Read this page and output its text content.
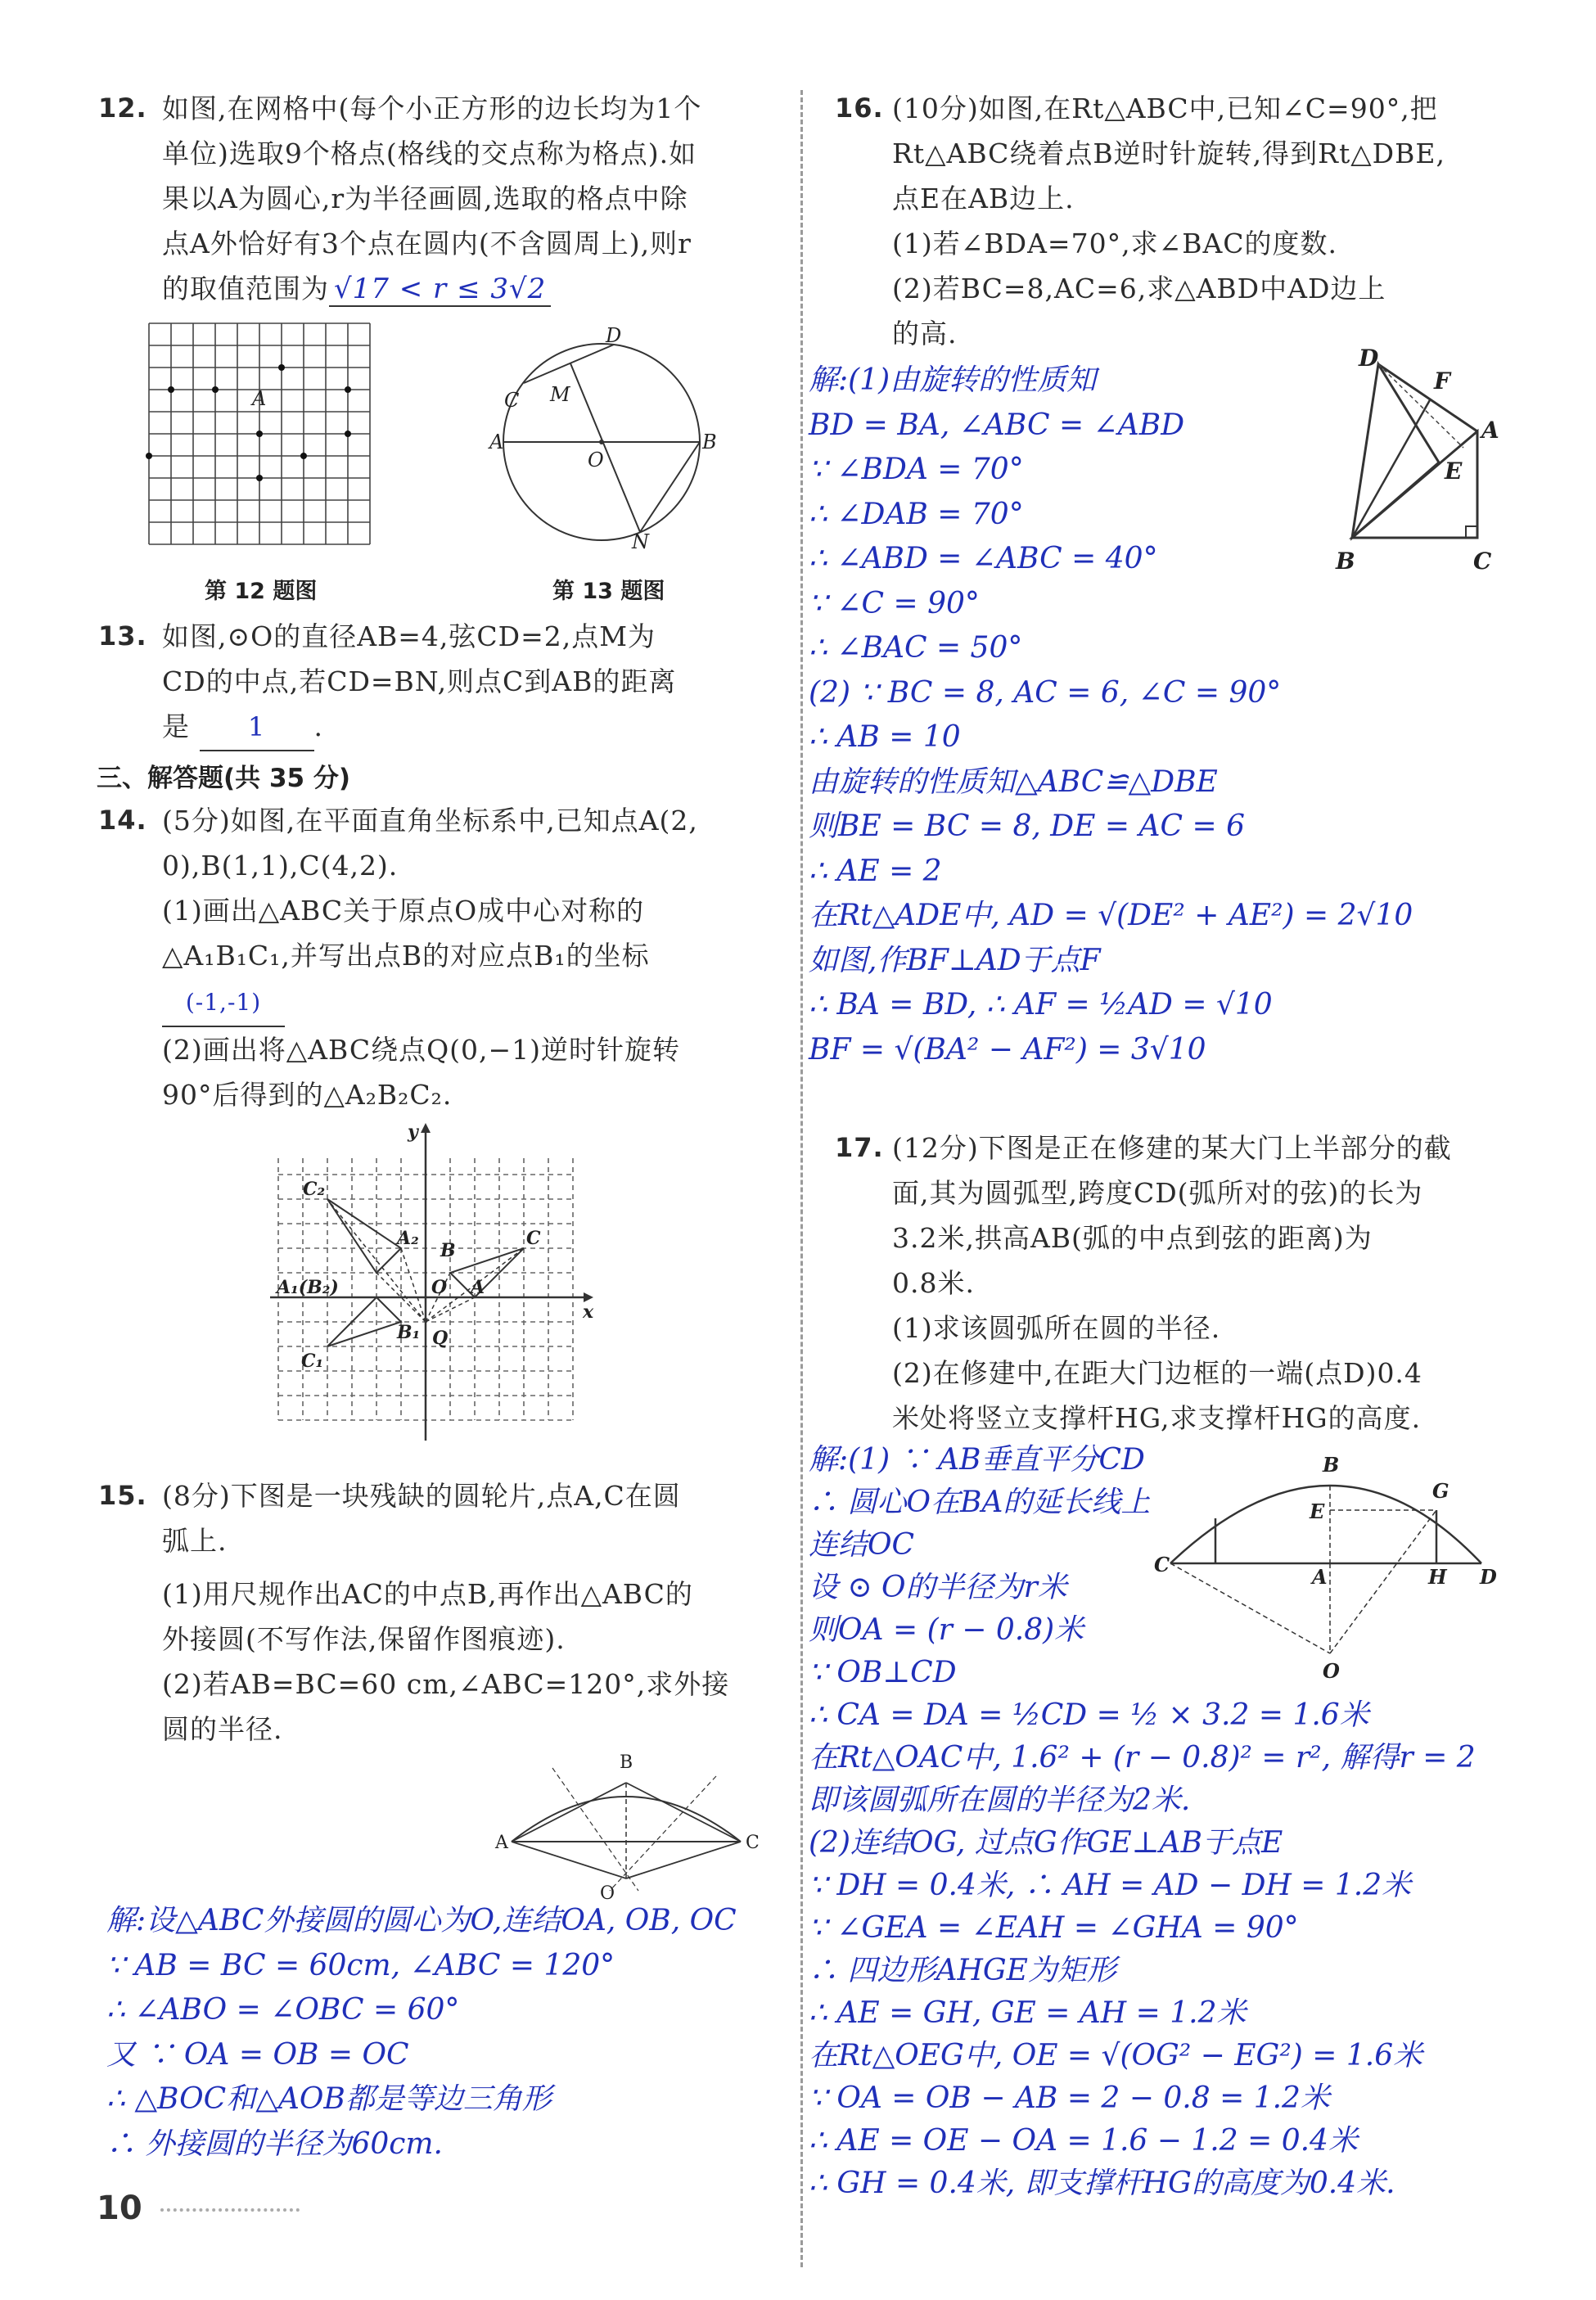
12. 如图,在网格中(每个小正方形的边长均为1个
单位)选取9个格点(格线的交点称为格点).如
果以A为圆心,r为半径画圆,选取的格点中除
点A外恰好有3个点在圆内(不含圆周上),则r
的取值范围为 √17 < r ≤ 3√2
A
第 12 题图
D
C M
A
O
B
N
第 13 题图
13. 如图,⊙O的直径AB=4,弦CD=2,点M为
CD的中点,若CD=BN,则点C到AB的距离
是 1 .
三、解答题(共 35 分)
14. (5分)如图,在平面直角坐标系中,已知点A(2,
0),B(1,1),C(4,2).
(1)画出△ABC关于原点O成中心对称的
△A₁B₁C₁,并写出点B的对应点B₁的坐标
(-1,-1)
(2)画出将△ABC绕点Q(0,−1)逆时针旋转
90°后得到的△A₂B₂C₂.
y
x
C₂
A₂
B
C
A₁(B₂)	A
O
B₁ Q
C₁
15. (8分)下图是一块残缺的圆轮片,点A,C在圆
弧上.
(1)用尺规作出AC的中点B,再作出△ABC的
外接圆(不写作法,保留作图痕迹).
(2)若AB=BC=60 cm,∠ABC=120°,求外接
圆的半径.
A
B
C
O
解:设△ABC外接圆的圆心为O,连结OA, OB, OC
∵ AB = BC = 60cm, ∠ABC = 120°
∴ ∠ABO = ∠OBC = 60°
又 ∵ OA = OB = OC
∴ △BOC和△AOB都是等边三角形
∴ 外接圆的半径为60cm.
10
16. (10分)如图,在Rt△ABC中,已知∠C=90°,把
Rt△ABC绕着点B逆时针旋转,得到Rt△DBE,
点E在AB边上.
(1)若∠BDA=70°,求∠BAC的度数.
(2)若BC=8,AC=6,求△ABD中AD边上
的高.
D
F
A
E
B	C
解:(1)由旋转的性质知
BD = BA, ∠ABC = ∠ABD
∵ ∠BDA = 70°
∴ ∠DAB = 70°
∴ ∠ABD = ∠ABC = 40°
∵ ∠C = 90°
∴ ∠BAC = 50°
(2) ∵ BC = 8, AC = 6, ∠C = 90°
∴ AB = 10
由旋转的性质知△ABC≌△DBE
则BE = BC = 8, DE = AC = 6
∴ AE = 2
在Rt△ADE中, AD = √(DE² + AE²) = 2√10
如图,作BF⊥AD于点F
∴ BA = BD, ∴ AF = ½AD = √10
BF = √(BA² − AF²) = 3√10
17. (12分)下图是正在修建的某大门上半部分的截
面,其为圆弧型,跨度CD(弧所对的弦)的长为
3.2米,拱高AB(弧的中点到弦的距离)为
0.8米.
(1)求该圆弧所在圆的半径.
(2)在修建中,在距大门边框的一端(点D)0.4
米处将竖立支撑杆HG,求支撑杆HG的高度.
B
G
E
C
A	H D
O
解:(1) ∵ AB垂直平分CD
∴ 圆心O在BA的延长线上
连结OC
设 ⊙ O的半径为r米
则OA = (r − 0.8)米
∵ OB⊥CD
∴ CA = DA = ½CD = ½ × 3.2 = 1.6米
在Rt△OAC中, 1.6² + (r − 0.8)² = r², 解得r = 2
即该圆弧所在圆的半径为2米.
(2)连结OG, 过点G作GE⊥AB于点E
∵ DH = 0.4米, ∴ AH = AD − DH = 1.2米
∵ ∠GEA = ∠EAH = ∠GHA = 90°
∴ 四边形AHGE为矩形
∴ AE = GH, GE = AH = 1.2米
在Rt△OEG中, OE = √(OG² − EG²) = 1.6米
∵ OA = OB − AB = 2 − 0.8 = 1.2米
∴ AE = OE − OA = 1.6 − 1.2 = 0.4米
∴ GH = 0.4米, 即支撑杆HG的高度为0.4米.
